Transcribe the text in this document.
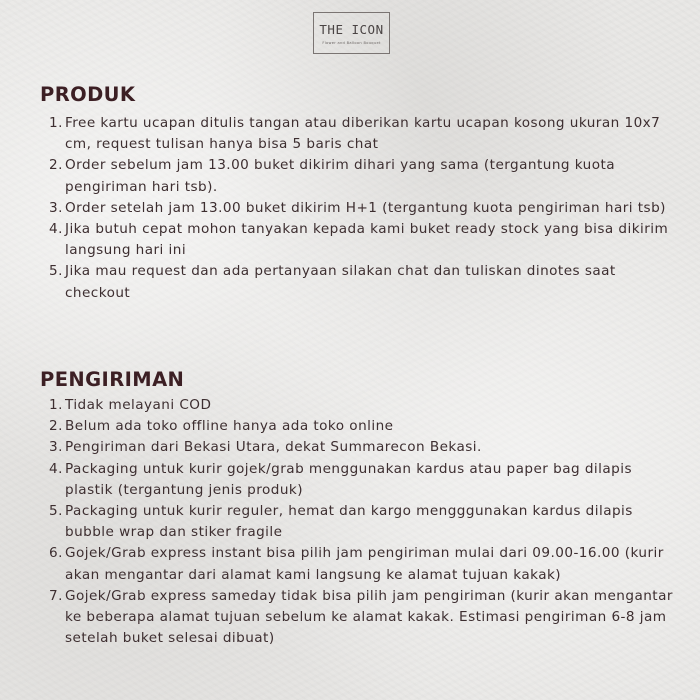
THE ICON
Flower and Balloon Bouquet
PRODUK
1. Free kartu ucapan ditulis tangan atau diberikan kartu ucapan kosong ukuran 10x7 cm, request tulisan hanya bisa 5 baris chat
2. Order sebelum jam 13.00 buket dikirim dihari yang sama (tergantung kuota pengiriman hari tsb).
3. Order setelah jam 13.00 buket dikirim H+1 (tergantung kuota pengiriman hari tsb)
4. Jika butuh cepat mohon tanyakan kepada kami buket ready stock yang bisa dikirim langsung hari ini
5. Jika mau request dan ada pertanyaan silakan chat dan tuliskan dinotes saat checkout
PENGIRIMAN
1. Tidak melayani COD
2. Belum ada toko offline hanya ada toko online
3. Pengiriman dari Bekasi Utara, dekat Summarecon Bekasi.
4. Packaging untuk kurir gojek/grab menggunakan kardus atau paper bag dilapis plastik (tergantung jenis produk)
5. Packaging untuk kurir reguler, hemat dan kargo mengggunakan kardus dilapis bubble wrap dan stiker fragile
6. Gojek/Grab express instant bisa pilih jam pengiriman mulai dari 09.00-16.00 (kurir akan mengantar dari alamat kami langsung ke alamat tujuan kakak)
7. Gojek/Grab express sameday tidak bisa pilih jam pengiriman (kurir akan mengantar ke beberapa alamat tujuan sebelum ke alamat kakak. Estimasi pengiriman 6-8 jam setelah buket selesai dibuat)
